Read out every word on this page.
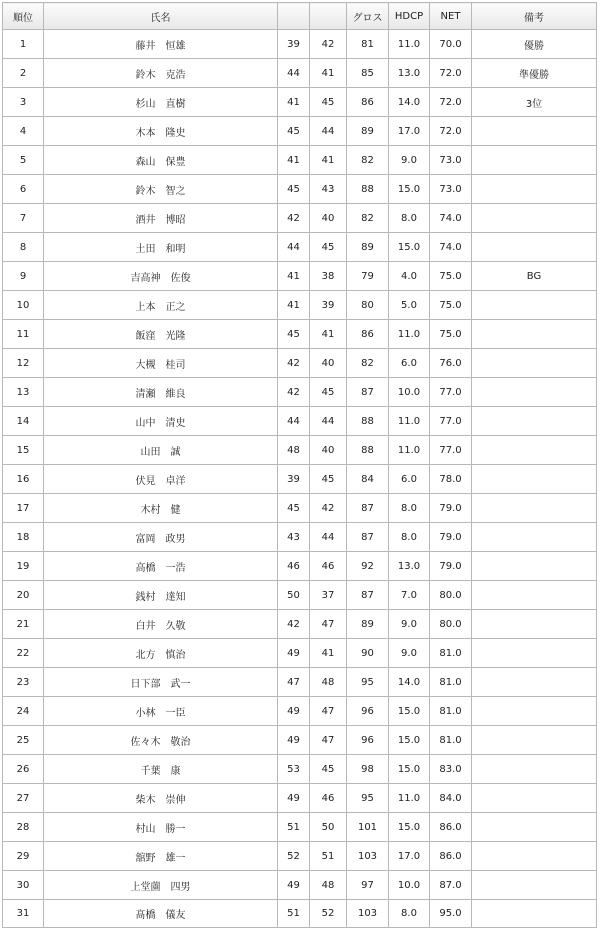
順位	氏名			グロス	HDCP	NET	備考
1	藤井　恒雄	39	42	81	11.0	70.0	優勝
2	鈴木　克浩	44	41	85	13.0	72.0	準優勝
3	杉山　直樹	41	45	86	14.0	72.0	3位
4	木本　隆史	45	44	89	17.0	72.0	
5	森山　保豊	41	41	82	9.0	73.0	
6	鈴木　智之	45	43	88	15.0	73.0	
7	酒井　博昭	42	40	82	8.0	74.0	
8	土田　和明	44	45	89	15.0	74.0	
9	吉高神　佐俊	41	38	79	4.0	75.0	BG
10	上本　正之	41	39	80	5.0	75.0	
11	飯窪　光隆	45	41	86	11.0	75.0	
12	大槻　桂司	42	40	82	6.0	76.0	
13	清瀬　維良	42	45	87	10.0	77.0	
14	山中　清史	44	44	88	11.0	77.0	
15	山田　誠	48	40	88	11.0	77.0	
16	伏見　卓洋	39	45	84	6.0	78.0	
17	木村　健	45	42	87	8.0	79.0	
18	富岡　政男	43	44	87	8.0	79.0	
19	高橋　一浩	46	46	92	13.0	79.0	
20	銭村　達知	50	37	87	7.0	80.0	
21	白井　久敬	42	47	89	9.0	80.0	
22	北方　慎治	49	41	90	9.0	81.0	
23	日下部　武一	47	48	95	14.0	81.0	
24	小林　一臣	49	47	96	15.0	81.0	
25	佐々木　敬治	49	47	96	15.0	81.0	
26	千葉　康	53	45	98	15.0	83.0	
27	柴木　崇伸	49	46	95	11.0	84.0	
28	村山　勝一	51	50	101	15.0	86.0	
29	舘野　雄一	52	51	103	17.0	86.0	
30	上堂薗　四男	49	48	97	10.0	87.0	
31	髙橋　儀友	51	52	103	8.0	95.0	
